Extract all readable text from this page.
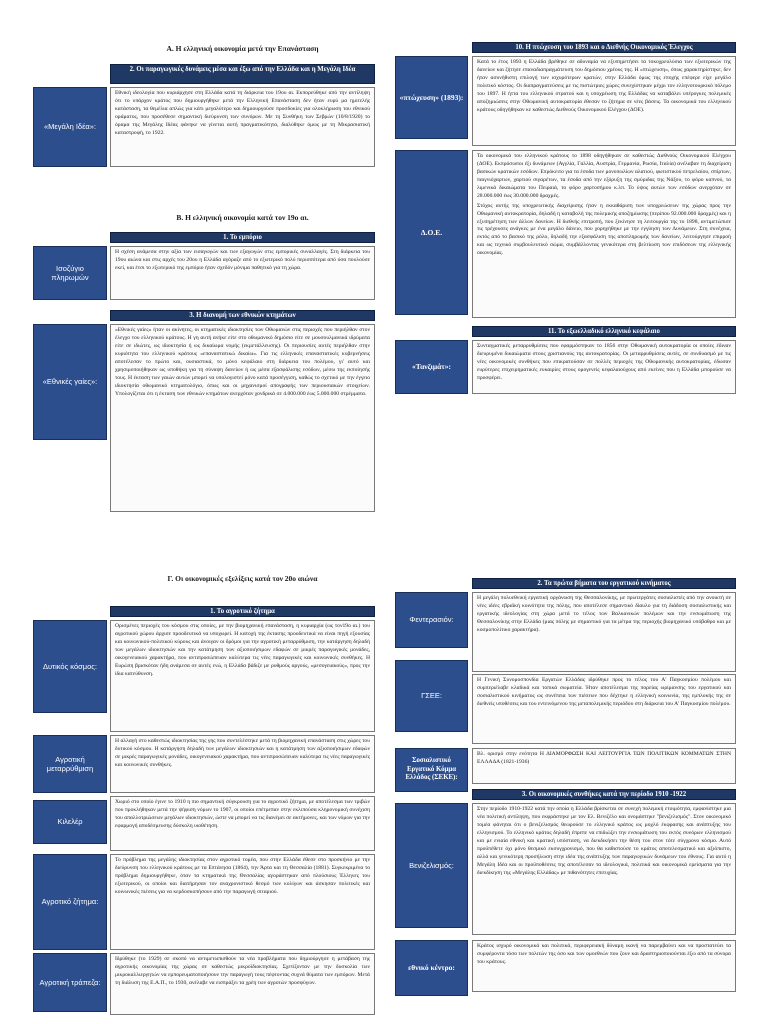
Α. Η ελληνική οικονομία μετά την Επανάσταση
2. Οι παραγωγικές δυνάμεις μέσα και έξω από την Ελλάδα και η Μεγάλη Ιδέα
«Μεγάλη Ιδέα»:
Εθνική ιδεολογία που κυριάρχησε στη Ελλάδα κατά τη διάρκεια του 19ου αι. Εκπορεύθηκε από την αντίληψη ότι το υπάρχον κράτος που δημιουργήθηκε μετά την Ελληνική Επανάσταση δεν ήταν ευρύ μα ημιτελής κατάσταση, τα θεμέλια απλώς για κάτι μεγαλύτερο και δημιουργούσε προσδοκίες για ολοκλήρωση του εθνικού οράματος, που προσέθεσε σημαντική διεύρυνση των συνόρων. Με τη Συνθήκη των Σεβρών (10/8/1920) το όραμα της Μεγάλης Ιδέας φάνηκε να γίνεται αυτή πραγματικότητα, διαλύθηκε όμως με τη Μικρασιατική καταστροφή, το 1922.
Β. Η ελληνική οικονομία κατά τον 19ο αι.
1. Το εμπόριο
Ισοζύγιο πληρωμών
Η σχέση ανάμεσα στην αξία των εισαγωγών και των εξαγωγών στις εμπορικές συναλλαγές. Στη διάρκεια του 19ου αιώνα και στις αρχές του 20ου η Ελλάδα αγόραζε από το εξωτερικό πολύ περισσότερα από όσα πουλούσε εκεί, και έτσι το εξωτερικό της εμπόριο ήταν σχεδόν μόνιμα παθητικό για τη χώρα.
3. Η διανομή των εθνικών κτημάτων
«Εθνικές γαίες»:
«Εθνικές γαίες» ήταν οι ακίνητες, οι κτηματικές ιδιοκτησίες των Οθωμανών στις περιοχές που περιήλθαν στον έλεγχο του ελληνικού κράτους. Η γη αυτή ανήκε είτε στο οθωμανικό δημόσιο είτε σε μουσουλμανικά ιδρύματα είτε σε ιδιώτες, ως ιδιοκτησία ή ως δικαίωμα νομής (εκμετάλλευσης). Οι περιουσίες αυτές περιήλθαν στην κυριότητα του ελληνικού κράτους «επαναστατικώ δικαίω». Για τις ελληνικές επαναστατικές κυβερνήσεις αποτέλεσαν το πρώτο και, ουσιαστικά, το μόνο κεφάλαιο στη διάρκεια του πολέμου, γι' αυτό και χρησιμοποιήθηκαν ως υποθήκη για τη σύναψη δανείων ή ως μέσα εξασφάλισης εσόδων, μέσω της εκποίησής τους. Η έκταση των γαιών αυτών μπορεί να υπολογιστεί μόνο κατά προσέγγιση, καθώς το σχετικό με την έγγειο ιδιοκτησία οθωμανικό κτηματολόγιο, όπως και οι μηχανισμοί απογραφής των περιουσιακών στοιχείων. Υπολογίζεται ότι η έκταση των εθνικών κτημάτων ανερχόταν χονδρικά σε 4.000.000 έως 5.000.000 στρέμματα.
10. Η πτώχευση του 1893 και ο Διεθνής Οικονομικός Έλεγχος
«πτώχευση» (1893):
Κατά το έτος 1893 η Ελλάδα βρέθηκε σε αδυναμία να εξυπηρετήσει τα τοκοχρεολύσια των εξωτερικών της δανείων και ζήτησε επαναδιαπραγμάτευση του δημόσιου χρέους της. Η «πτώχευση», όπως χαρακτηρίστηκε, δεν ήταν ασυνήθιστη επιλογή των ισχυρότερων κρατών, στην Ελλάδα όμως της εποχής επέφερε είχε μεγάλο πολιτικό κόστος. Οι διαπραγματεύσεις με τις πιστώτριες χώρες συνεχίστηκαν μέχρι τον ελληνοτουρκικό πόλεμο του 1897. Η ήττα του ελληνικού στρατού και η υποχρέωση της Ελλάδας να καταβάλει υπέρογκες πολεμικές αποζημιώσεις στην Οθωμανική αυτοκρατορία έθεσαν το ζήτημα σε νέες βάσεις. Τα οικονομικά του ελληνικού κράτους οδηγήθηκαν κε καθεστώς Διεθνούς Οικονομικού Ελέγχου (ΔΟΕ).
Δ.Ο.Ε.

Τα οικονομικά του ελληνικού κράτους το 1898 οδηγήθηκαν σε καθεστώς Διεθνούς Οικονομικού Ελέγχου (ΔΟΕ). Εκπρόσωποι έξι δυνάμεων (Αγγλία, Γαλλία, Αυστρία, Γερμανία, Ρωσία, Ιταλία) ανέλαβαν τη διαχείριση βασικών κρατικών εσόδων. Επρόκειτο για τα έσοδα των μονοπωλίων αλατιού, φωτιστικού πετρελαίου, σπίρτων, παιγνιόχαρτων, χαρτιού σιγαρέτων, τα έσοδα από την εξόρυξη της σμύριδας της Νάξου, το φόρο καπνού, τα λιμενικά δικαιώματα του Πειραιά, το φόρο χαρτοσήμου κ.λπ. Το ύψος αυτών των εσόδων ανερχόταν σε 28.000.000 έως 30.000.000 δραχμές.

Στόχος αυτής της υποχρεωτικής διαχείρισης ήταν η εκκαθάριση των υποχρεώσεων της χώρας προς την Οθωμανική αυτοκρατορία, δηλαδή η καταβολή της πολεμικής αποζημίωσης (περίπου 92.000.000 δραχμές) και η εξυπηρέτηση των άλλων δανείων. Η διεθνής επιτροπή, που ξεκίνησε τη λειτουργία της το 1898, αντιμετώπισε τις τρέχουσες ανάγκες με ένα μεγάλο δάνειο, που χορηγήθηκε με την εγγύηση των Δυνάμεων. Στη συνέχεια, εκτός από το βασικό της ρόλο, δηλαδή την εξασφάλιση της αποπληρωμής των δανείων, λειτούργησε επιρροή και ως τεχνικό συμβουλευτικό σώμα, συμβάλλοντας γενικότερα στη βελτίωση των επιδόσεων της ελληνικής οικονομίας.

11. Το εξωελλαδικό ελληνικό κεφάλαιο
«Τανζιμάτ»:
Συνταγματικές μεταρρυθμίσεις που εφαρμόστηκαν το 1856 στην Οθωμανική αυτοκρατορία οι οποίες έδιναν διευρυμένα δικαιώματα στους χριστιανούς της αυτοκρατορίας. Οι μεταρρυθμίσεις αυτές, σε συνδυασμό με τις νέες οικονομικές συνθήκες που επικρατούσαν σε πολλές περιοχές της Οθωμανικής αυτοκρατορίας, έδωσαν ευρύτερες επιχειρηματικές ευκαιρίες στους ομογενείς κεφαλαιούχους από εκείνες που η Ελλάδα μπορούσε να προσφέρει.
Γ. Οι οικονομικές εξελίξεις κατά τον 20ο αιώνα
1. Το αγροτικό ζήτημα
Δυτικός κόσμος:
Ορισμένες περιοχές του κόσμου στις οποίες, με την βιομηχανική επανάσταση, η κυριαρχία (ως τον19ο αι.) του αγροτικού χώρου άρχισε προοδευτικά να υποχωρεί. Η κατοχή της έκτασης προοδευτικά να είναι πηγή εξουσίας και κοινωνικού-πολιτικού κύρους και άνοιγαν οι δρόμοι για την αγροτική μεταρρύθμιση, την κατάργηση δηλαδή των μεγάλων ιδιοκτησιών και την κατάτμηση των αξιοποιήσιμων εδαφών σε μικρές παραγωγικές μονάδες, οικογενειακού χαρακτήρα, που αντιπροσώπευαν καλύτερα τις νέες παραγωγικές και κοινωνικές συνθήκες. Η Ευρώπη βρισκόταν ήδη ανάμεσα σε αυτές ενώ, η Ελλάδα βάδιζε με ρυθμούς αργούς, «μεσογειακούς», προς την ίδια κατεύθυνση.
Αγροτική μεταρρύθμιση
Η αλλαγή στο καθεστώς ιδιοκτησίας της γης που συντελέστηκε μετά τη βιομηχανική επανάσταση στις χώρες του δυτικού κόσμου. Η κατάργηση δηλαδή των μεγάλων ιδιοκτησιών και η κατάτμηση των αξιοποιήσιμων εδαφών σε μικρές παραγωγικές μονάδες, οικογενειακού χαρακτήρα, που αντιπροσώπευαν καλύτερα τις νέες παραγωγικές και κοινωνικές συνθήκες.
Κιλελέρ
Χωριό στο οποίο έγινε το 1910 η πιο σημαντική σύγκρουση για το αγροτικό ζήτημα, με αποτέλεσμα των τριβών που προκλήθηκαν μετά την ψήφιση νόμων το 1907, οι οποίοι επέτρεπαν στην εκλιπούσα κληρονομική συνέχιση του απαλλοτριώσεων μεγάλων ιδιοκτησιών, ώστε να μπορεί να τις διανέμει σε ακτήμονες, και των νόμων για την εφαρμογή αποδέσμευσης δύσκολη υιοθέτηση.
Αγροτικό ζήτημα:
Το πρόβλημα της μεγάλης ιδιοκτησίας στον αγροτικό τομέα, που στην Ελλάδα έθεσε στο προσκήνιο με την διεύρυνση του ελληνικού κράτους με τα Επτάνησα (1864), την Άρτα και τη Θεσσαλία (1881). Συγκεκριμένα το πρόβλημα δημιουργήθηκε, όταν τα κτηματικά της Θεσσαλίας αγοράστηκαν από πλούσιους Έλληνες του εξωτερικού, οι οποίοι και διατήρησαν τον αναχρονιστικό θεσμό των κολίγων και άσκησαν πολιτικές και κοινωνικές πιέσεις για να κερδοσκοπήσουν από την παραγωγή σιταριού.
Αγροτική τράπεζα:
Ιδρύθηκε (το 1929) σε σκοπό να αντιμετωπισθούν τα νέα προβλήματα που δημιούργησε η μετάβαση της αγροτικής οικονομίας της χώρας σε καθεστώς μικροϊδιοκτησίας. Σχετίζονταν με την δυσκολία των μικροκαλλιεργητών να εμπορευματοποιήσουν την παραγωγή τους πέφτοντας συχνά θύματα των εμπόρων. Μετά τη διάλυση της Ε.Α.Π., το 1930, ανέλαβε να εισπράξει τα χρέη των αγροτών προσφύγων.
2. Τα πρώτα βήματα του εργατικού κινήματος
Φεντερασιόν:
Η μεγάλη πολυεθνική εργατική οργάνωση της Θεσσαλονίκης, με πρωτεργάτες σοσιαλιστές από την ανοικτή σε νέες ιδέες εβραϊκή κοινότητα της πόλης, που αποτέλεσε σημαντικό δίαυλο για τη διάδοση σοσιαλιστικής και εργατικής ιδεολογίας στη χώρα μετά το τέλος των Βαλκανικών πολέμων και την ενσωμάτωση της Θεσσαλονίκης στην Ελλάδα (μιας πόλης με σημαντικό για τα μέτρα της περιοχής βιομηχανικό υπόβαθρο και με κοσμοπολίτικο χαρακτήρα).
ΓΣΕΕ:
Η Γενική Συνομοσπονδία Εργατών Ελλάδας ιδρύθηκε προς το τέλος του Α' Παγκοσμίου πολέμου και συμπεριέλαβε κλαδικά και τοπικά σωματεία. Ήταν αποτέλεσμα της πορείας ωρίμανσης του εργατικού και σοσιαλιστικού κινήματος ως συνέπεια των πιέσεων που δέχτηκε η ελληνική κοινωνία, της εμπλοκής της σε διεθνείς υποθέσεις και του εντεινόμενου της μεταπολεμικής περιόδου στη διάρκεια του Α' Παγκοσμίου πολέμου.
Σοσιαλιστικό Εργατικό Κόμμα Ελλάδος (ΣΕΚΕ):
Βλ. ορισμό στην ενότητα Η ΔΙΑΜΟΡΦΩΣΗ ΚΑΙ ΛΕΙΤΟΥΡΓΙΑ ΤΩΝ ΠΟΛΙΤΙΚΩΝ ΚΟΜΜΑΤΩΝ ΣΤΗΝ ΕΛΛΑΔΑ (1821-1936)
3. Οι οικονομικές συνθήκες κατά την περίοδο 1910 -1922
Βενιζελισμός:
Στην περίοδο 1910-1922 κατά την οποία η Ελλάδα βρίσκεται σε συνεχή πολεμική ετοιμότητα, εμφανίστηκε μια νέα πολιτική αντίληψη, που εκφράστηκε με τον Ελ. Βενιζέλο και ονομάστηκε "βενιζελισμός". Στον οικονομικό τομέα φάνηται ότι ο βενιζελισμός θεωρούσε το ελληνικό κράτος ως μοχλό έκφρασης και ανάπτυξης του ελληνισμού. Το ελληνικό κράτος δηλαδή έπρεπε να επιδιώξει την ενσωμάτωση του εκτός συνόρων ελληνισμού και με ενιαία εθνική και κρατική υπόσταση, να διεκδικήσει την θέση του στον τότε σύγχρονο κόσμο. Αυτό προϋπέθετε όχι μόνο θεσμικό εκσυγχρονισμό, που θα καθιστούσε το κράτος αποτελεσματικό και αξιόπιστο, αλλά και γενικότερη προσήλωση στην ιδέα της ανάπτυξης των παραγωγικών δυνάμεων του έθνους. Για αυτό η Μεγάλη Ιδέα και οι προϋποθέσεις της αποτέλεσαν τα ιδεολογικά, πολιτικά και οικονομικά ερείσματα για την διεκδίκηση της «Μεγάλης Ελλάδας» με πιθανότητες επιτυχίας.
εθνικό κέντρο:
Κράτος ισχυρό οικονομικά και πολιτικά, περιφερειακή δύναμη ικανή να παρεμβαίνει και να προστατεύει τα συμφέροντα τόσο των πολιτών της όσο και των ομοεθνών που ζουν και δραστηριοποιούνται έξω από τα σύνορα του κράτους.
